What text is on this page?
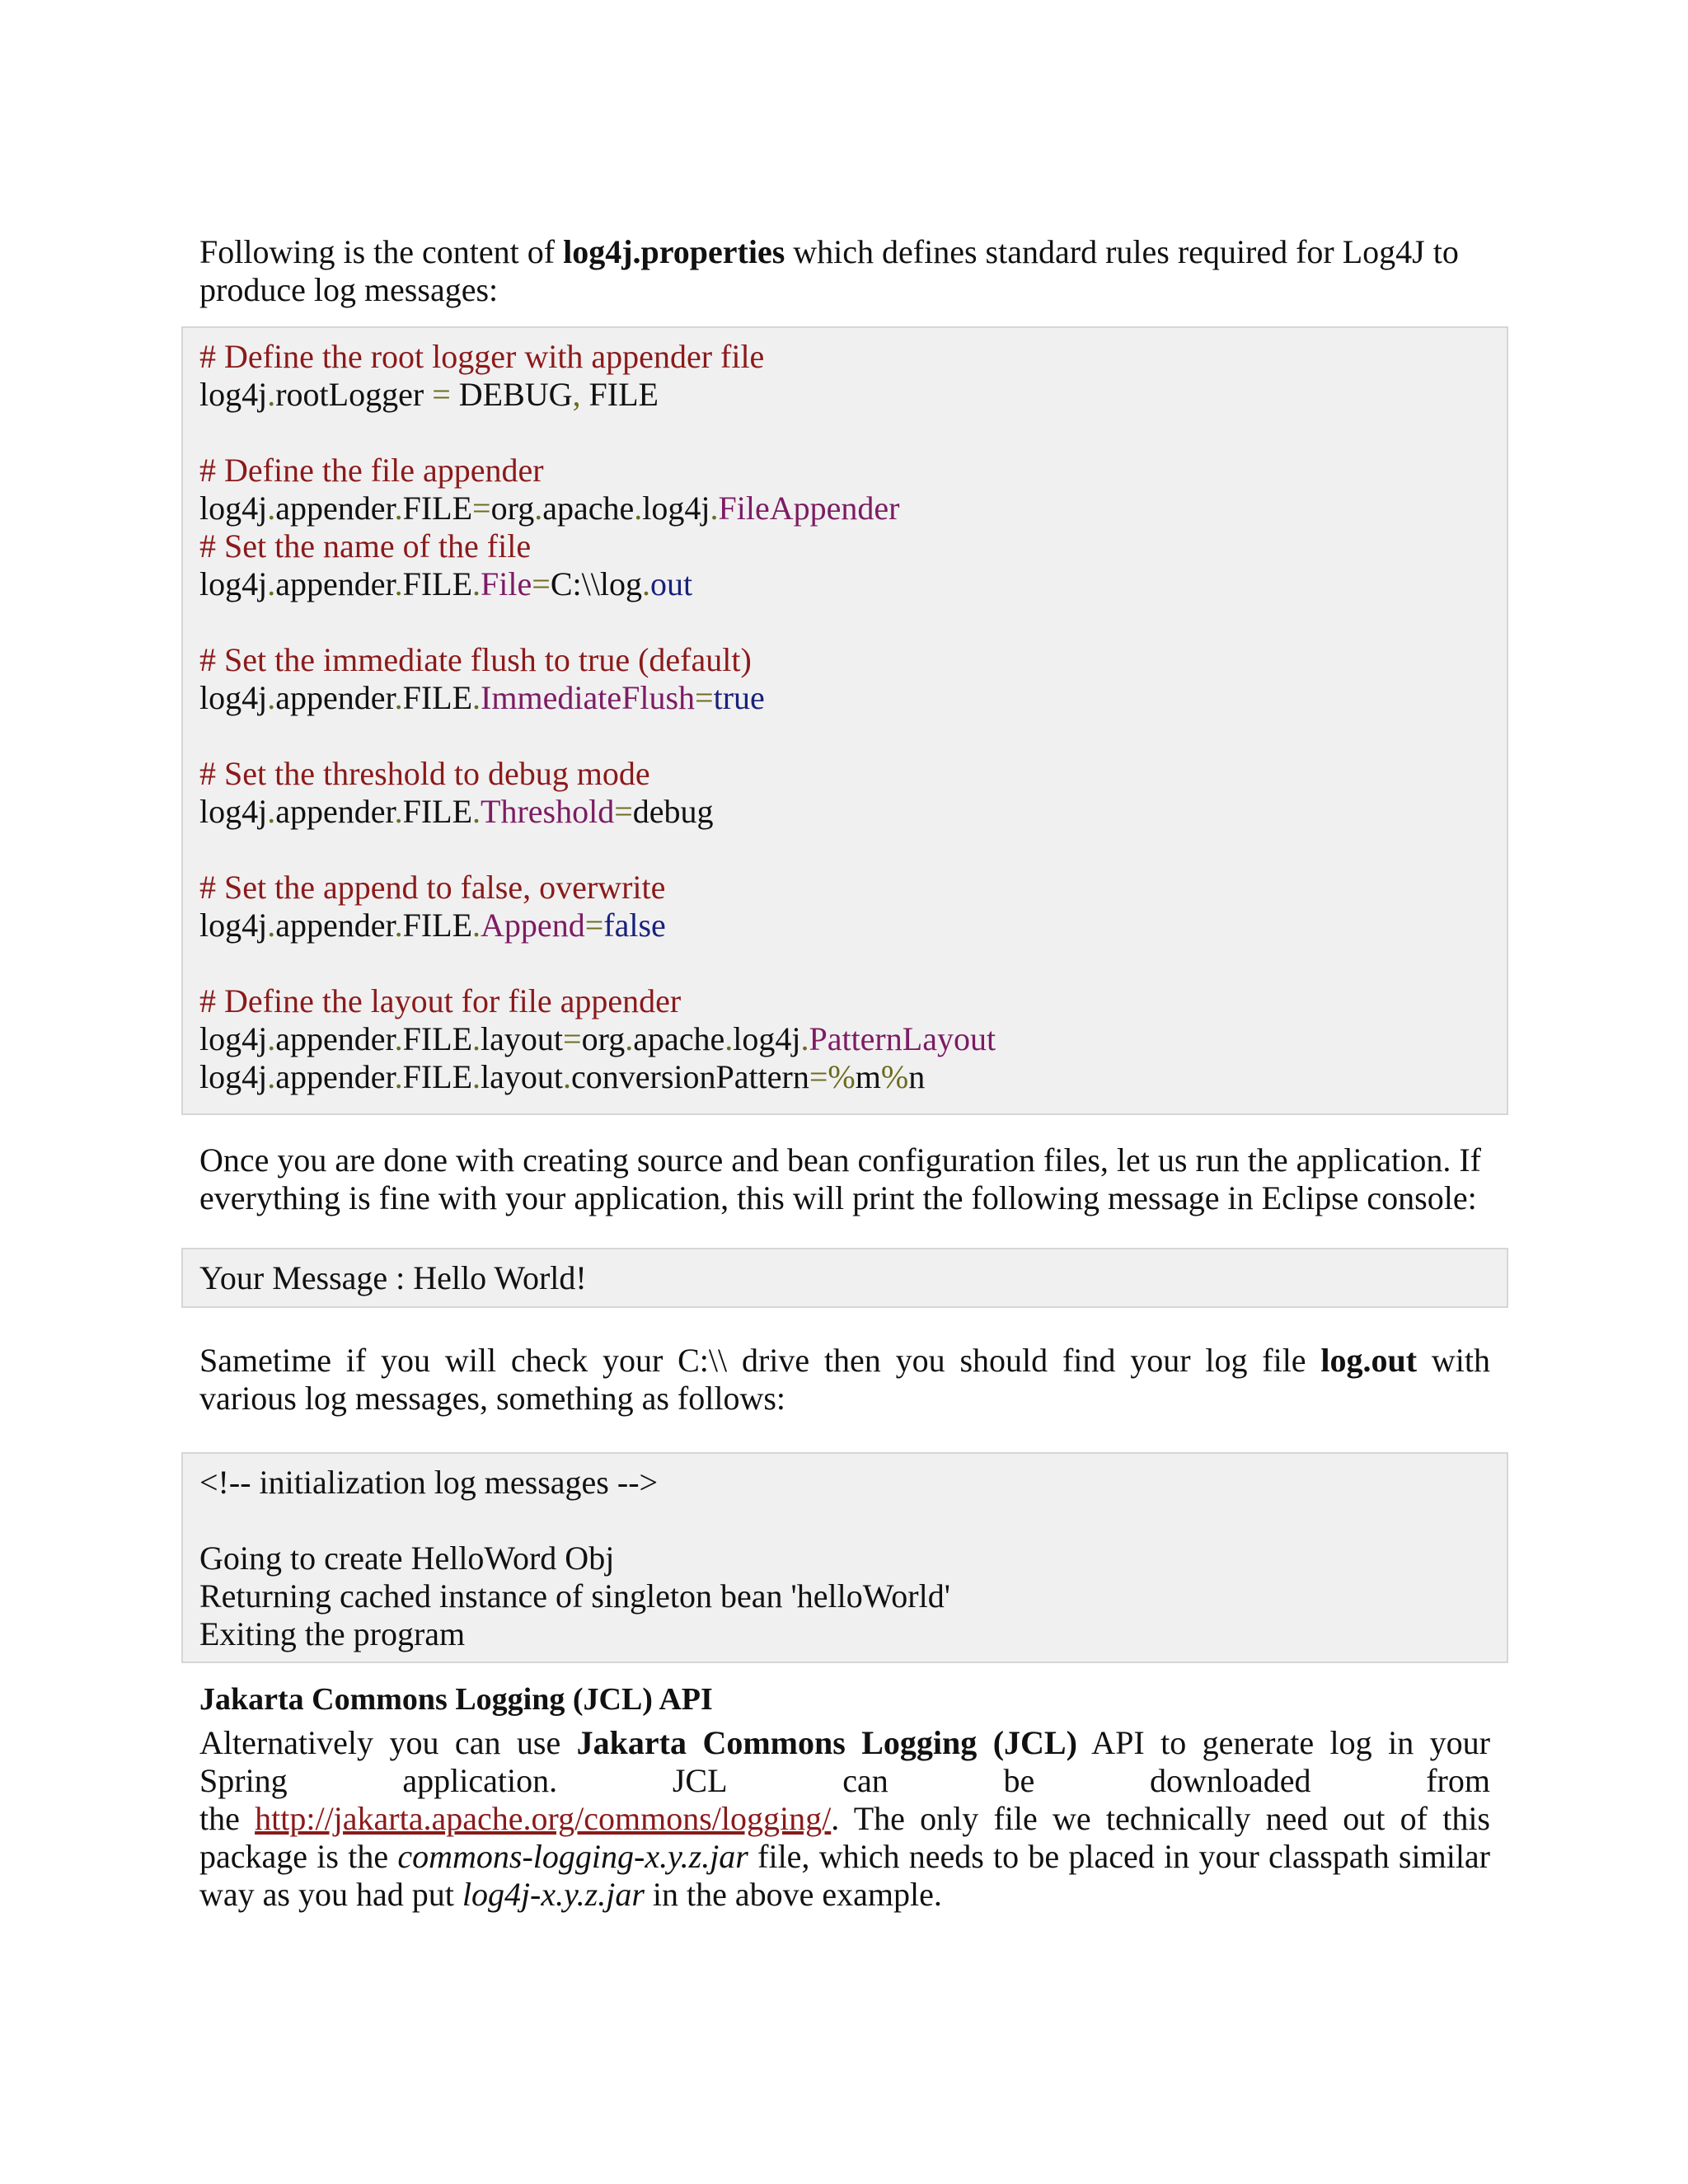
Following is the content of log4j.properties which defines standard rules required for Log4J to

produce log messages:

# Define the root logger with appender file
log4j.rootLogger = DEBUG, FILE
# Define the file appender
log4j.appender.FILE=org.apache.log4j.FileAppender
# Set the name of the file
log4j.appender.FILE.File=C:\\log.out
# Set the immediate flush to true (default)
log4j.appender.FILE.ImmediateFlush=true
# Set the threshold to debug mode
log4j.appender.FILE.Threshold=debug
# Set the append to false, overwrite
log4j.appender.FILE.Append=false
# Define the layout for file appender
log4j.appender.FILE.layout=org.apache.log4j.PatternLayout
log4j.appender.FILE.layout.conversionPattern=%m%n

Once you are done with creating source and bean configuration files, let us run the application. If

everything is fine with your application, this will print the following message in Eclipse console:

Your Message : Hello World!

Sametime if you will check your C:\\ drive then you should find your log file log.out with

various log messages, something as follows:

<!-- initialization log messages -->
Going to create HelloWord Obj
Returning cached instance of singleton bean 'helloWorld'
Exiting the program
Jakarta Commons Logging (JCL) API

Alternatively you can use Jakarta Commons Logging (JCL) API to generate log in your

Spring	application.	JCL	can	be	downloaded	from

the http://jakarta.apache.org/commons/logging/. The only file we technically need out of this

package is the commons-logging-x.y.z.jar file, which needs to be placed in your classpath similar

way as you had put log4j-x.y.z.jar in the above example.
